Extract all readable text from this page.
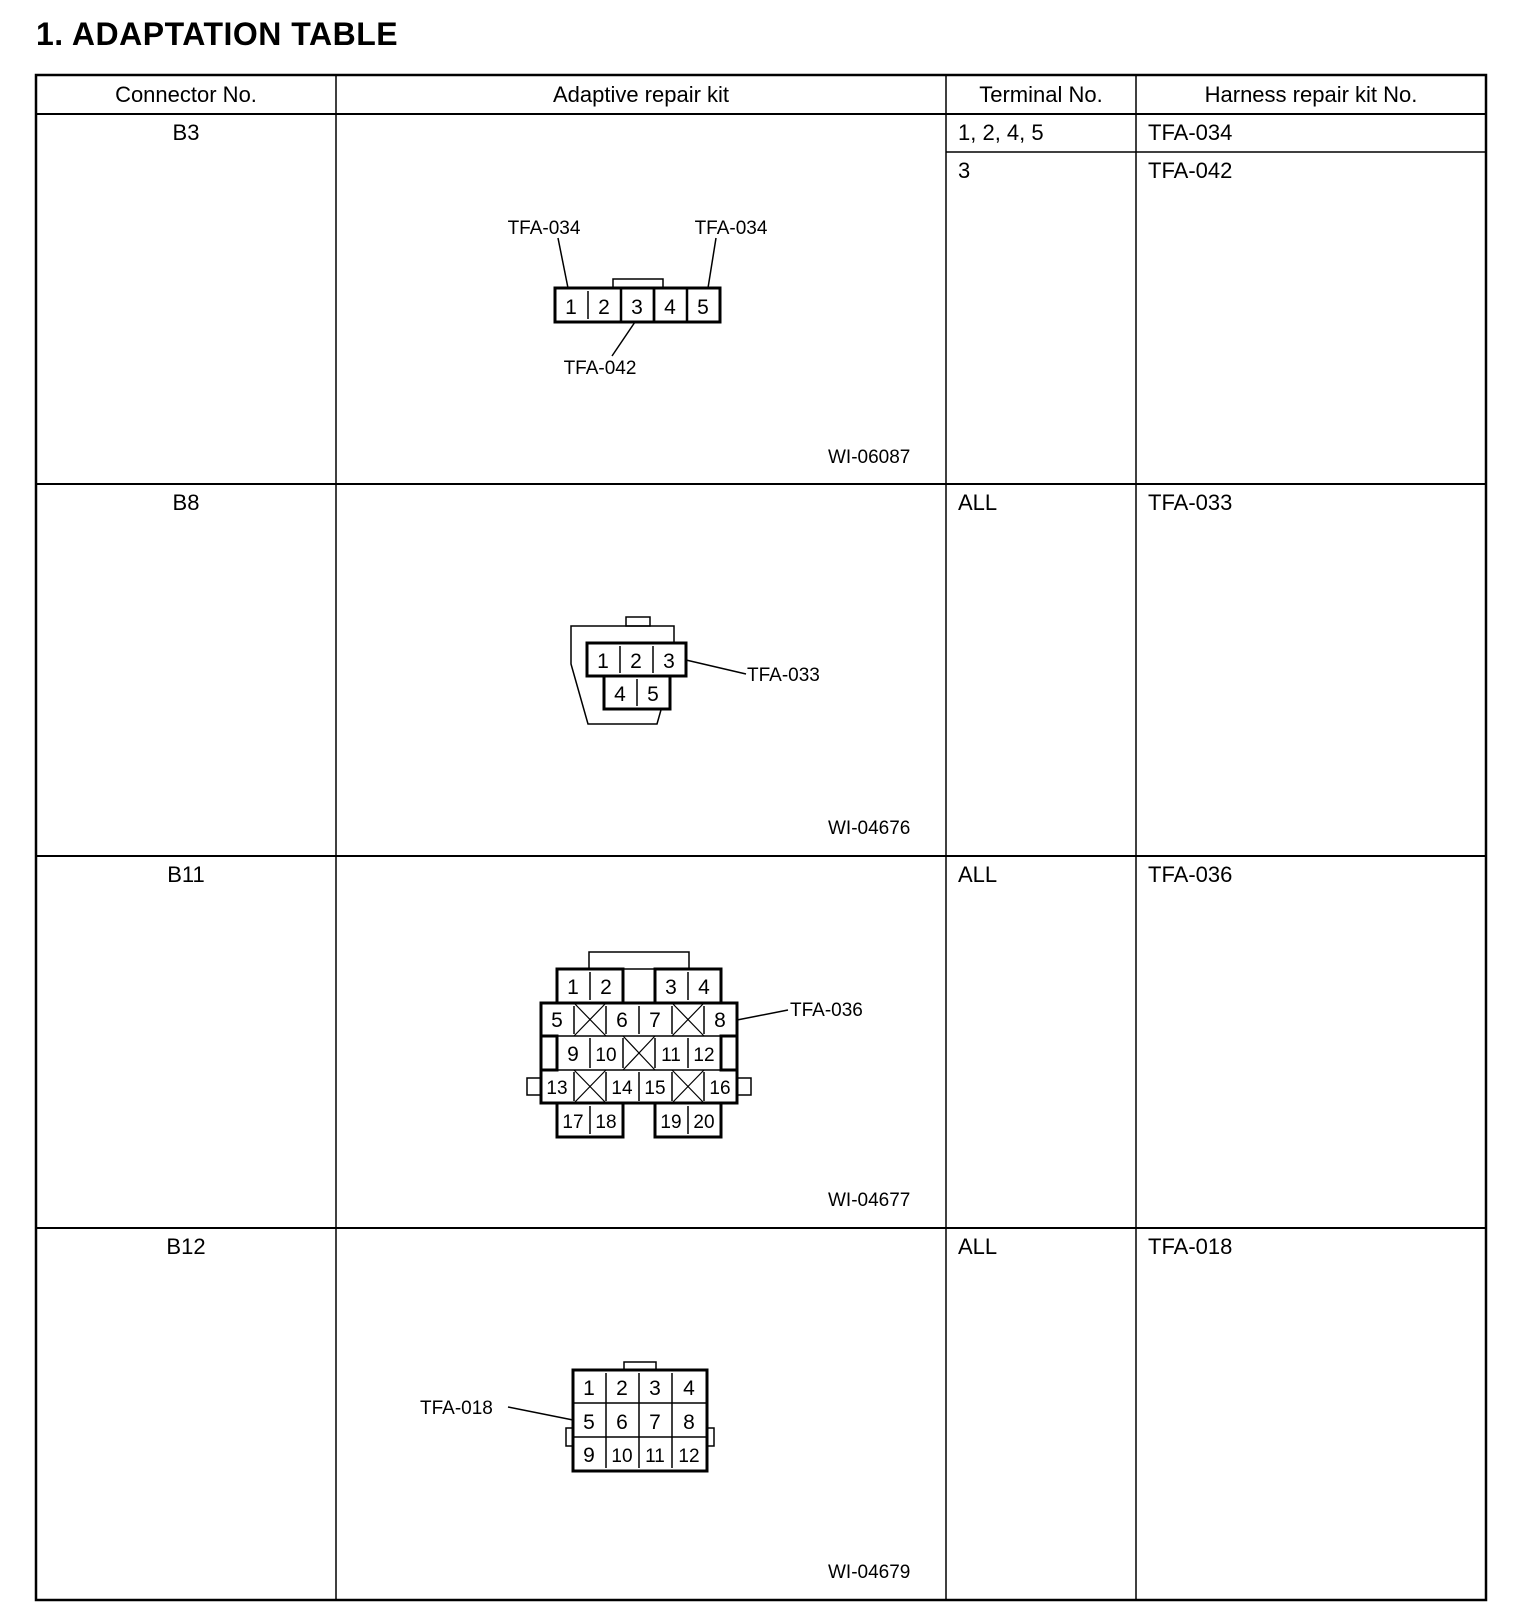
1. ADAPTATION TABLE
Connector No.	Adaptive repair kit	Terminal No.	Harness repair kit No.
B3	1, 2, 4, 5	TFA-034
3	TFA-042
WI-06087
1 2 3 4 5
TFA-034	TFA-034
TFA-042
B8	ALL	TFA-033
WI-04676
1 2 3
4 5
TFA-033
B11	ALL	TFA-036
WI-04677
1 2	3 4
5	6 7	8
9 10 11 12
13 14 15 16
17 18 19 20
TFA-036
B12	ALL	TFA-018
WI-04679
1 2 3 4
5 6 7 8
9 10 11 12
TFA-018
